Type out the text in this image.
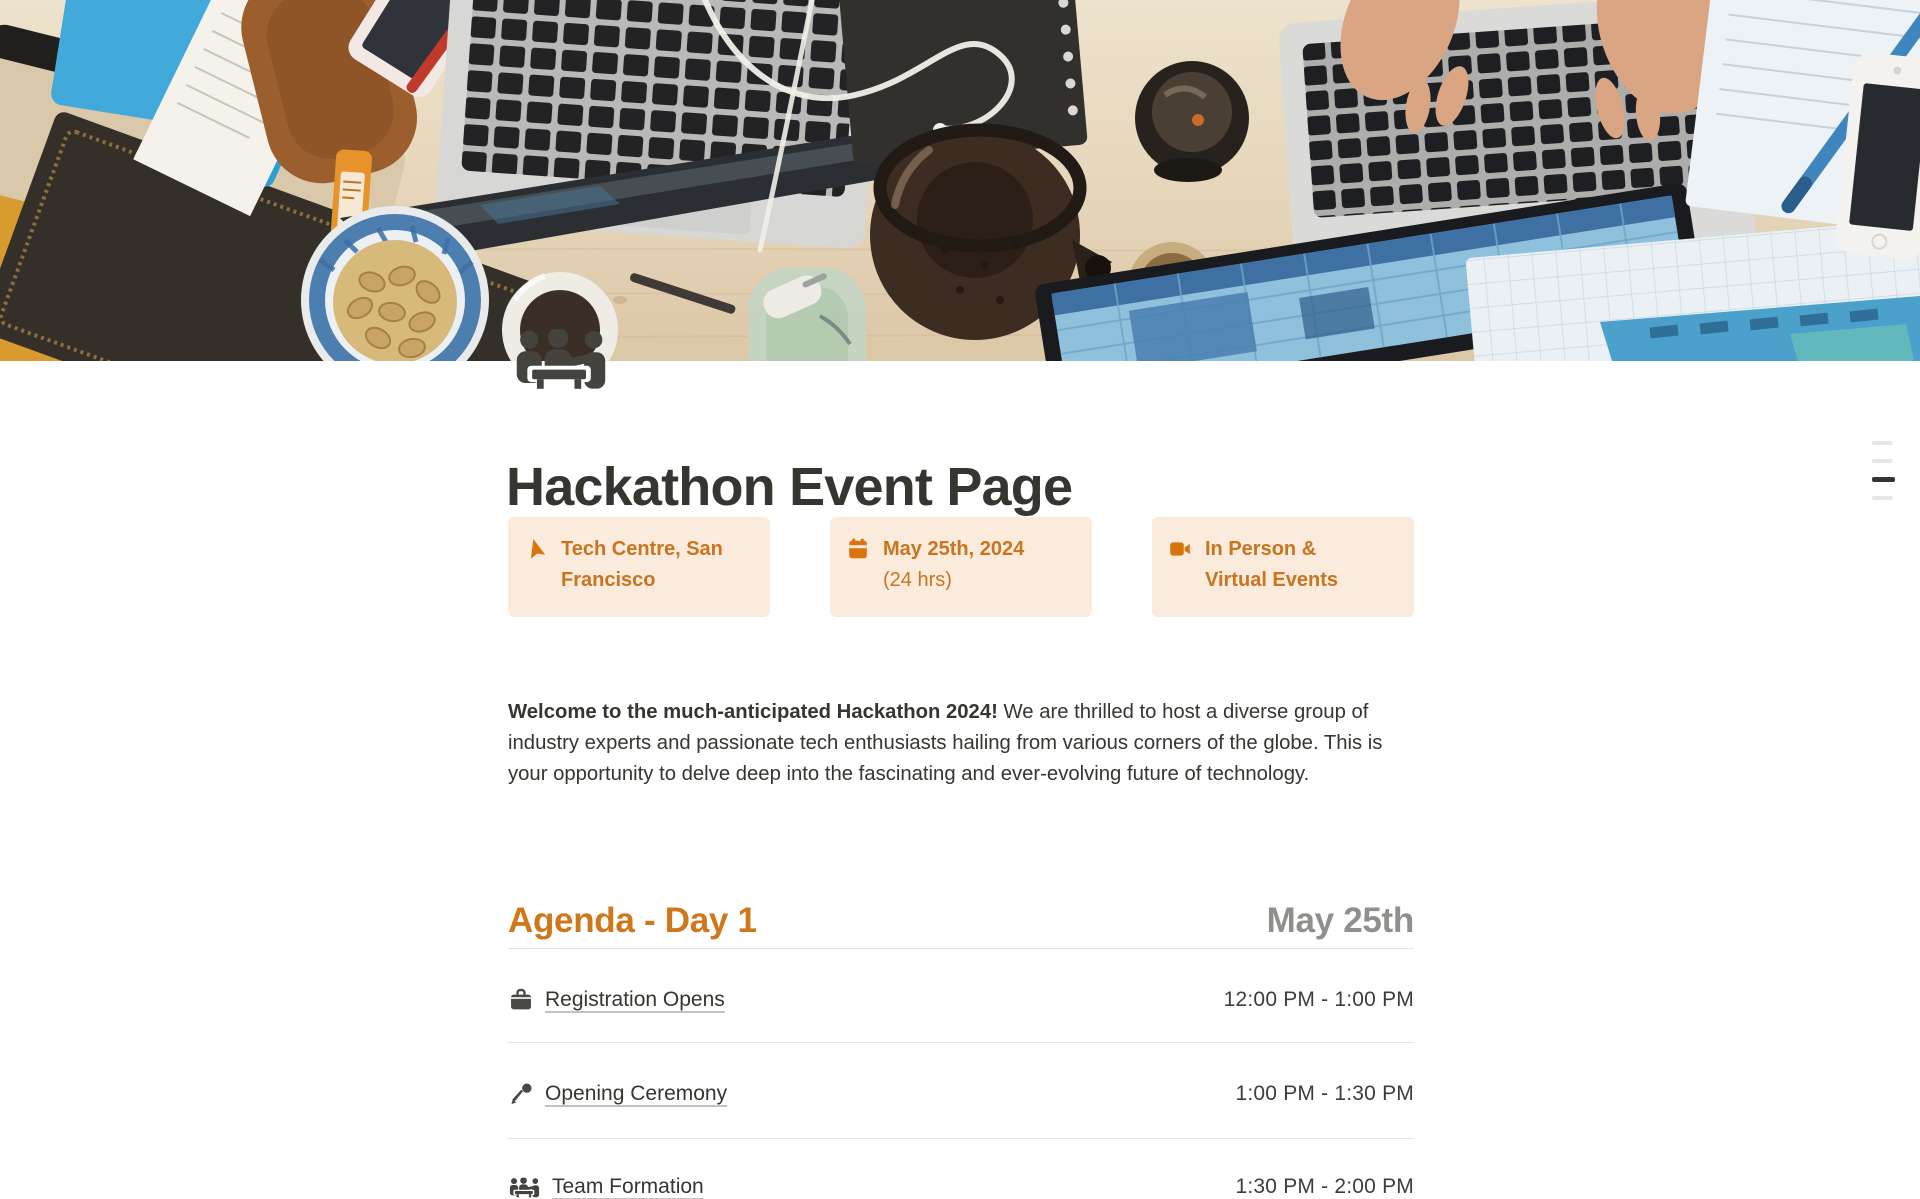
Hackathon Event Page
Tech Centre, San
Francisco
May 25th, 2024
(24 hrs)
In Person &
Virtual Events

Welcome to the much-anticipated Hackathon 2024! We are thrilled to host a diverse group of industry experts and passionate tech enthusiasts hailing from various corners of the globe. This is your opportunity to delve deep into the fascinating and ever-evolving future of technology.

Agenda - Day 1	May 25th
Registration Opens	12:00 PM - 1:00 PM
Opening Ceremony	1:00 PM - 1:30 PM
Team Formation	1:30 PM - 2:00 PM
